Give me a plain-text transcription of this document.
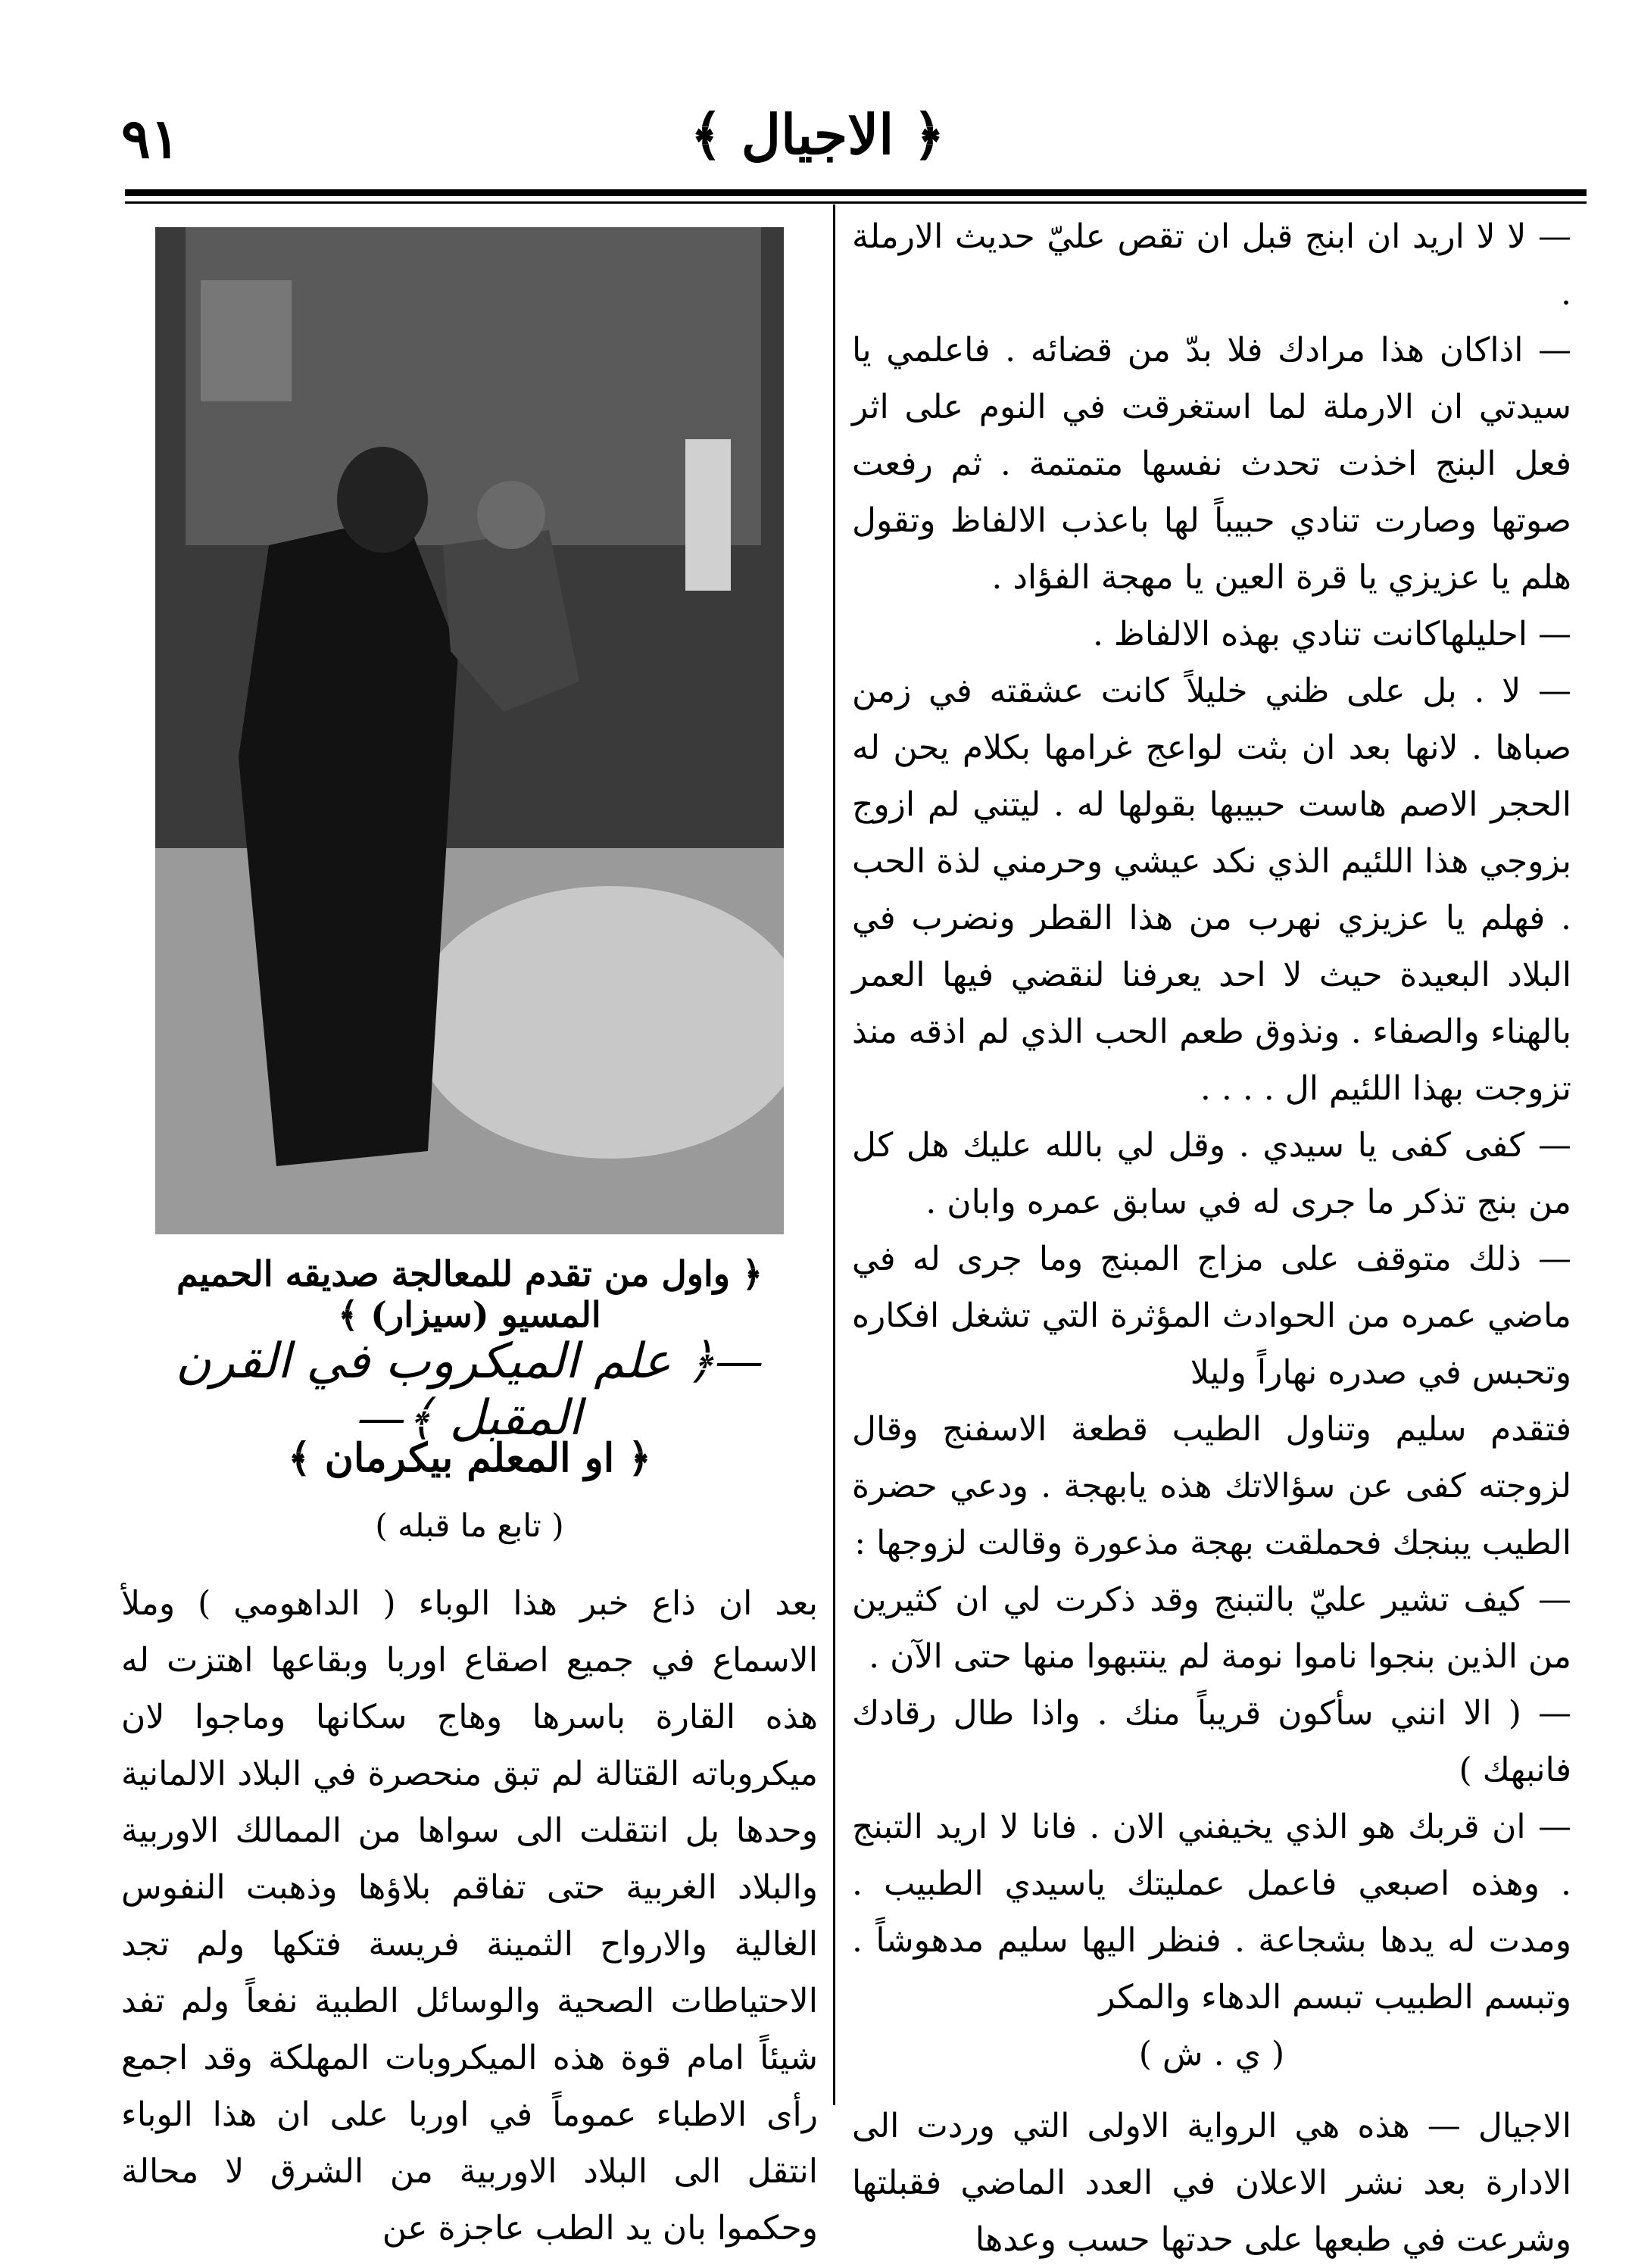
٩١	﴿ الاجيال ﴾

— لا لا اريد ان ابنج قبل ان تقص عليّ حديث الارملة .

— اذاكان هذا مرادك فلا بدّ من قضائه . فاعلمي يا سيدتي ان الارملة لما استغرقت في النوم على اثر فعل البنج اخذت تحدث نفسها متمتمة . ثم رفعت صوتها وصارت تنادي حبيباً لها باعذب الالفاظ وتقول هلم يا عزيزي يا قرة العين يا مهجة الفؤاد .

— احليلهاكانت تنادي بهذه الالفاظ .

— لا . بل على ظني خليلاً كانت عشقته في زمن صباها . لانها بعد ان بثت لواعج غرامها بكلام يحن له الحجر الاصم هاست حبيبها بقولها له . ليتني لم ازوج بزوجي هذا اللئيم الذي نكد عيشي وحرمني لذة الحب . فهلم يا عزيزي نهرب من هذا القطر ونضرب في البلاد البعيدة حيث لا احد يعرفنا لنقضي فيها العمر بالهناء والصفاء . ونذوق طعم الحب الذي لم اذقه منذ تزوجت بهذا اللئيم ال . . . .

— كفى كفى يا سيدي . وقل لي بالله عليك هل كل من بنج تذكر ما جرى له في سابق عمره وابان .

— ذلك متوقف على مزاج المبنج وما جرى له في ماضي عمره من الحوادث المؤثرة التي تشغل افكاره وتحبس في صدره نهاراً وليلا

فتقدم سليم وتناول الطيب قطعة الاسفنج وقال لزوجته كفى عن سؤالاتك هذه يابهجة . ودعي حضرة الطيب يبنجك فحملقت بهجة مذعورة وقالت لزوجها :

— كيف تشير عليّ بالتبنج وقد ذكرت لي ان كثيرين من الذين بنجوا ناموا نومة لم ينتبهوا منها حتى الآن .

— ( الا انني سأكون قريباً منك . واذا طال رقادك فانبهك )

— ان قربك هو الذي يخيفني الان . فانا لا اريد التبنج . وهذه اصبعي فاعمل عمليتك ياسيدي الطبيب . ومدت له يدها بشجاعة . فنظر اليها سليم مدهوشاً . وتبسم الطبيب تبسم الدهاء والمكر

( ي . ش )

الاجيال — هذه هي الرواية الاولى التي وردت الى الادارة بعد نشر الاعلان في العدد الماضي فقبلتها وشرعت في طبعها على حدتها حسب وعدها

﴿ واول من تقدم للمعالجة صديقه الحميم المسيو (سيزار) ﴾
—﴿ علم الميكروب في القرن المقبل ﴾—
﴿ او المعلم بيكرمان ﴾
( تابع ما قبله )

بعد ان ذاع خبر هذا الوباء ( الداهومي ) وملأ الاسماع في جميع اصقاع اوربا وبقاعها اهتزت له هذه القارة باسرها وهاج سكانها وماجوا لان ميكروباته القتالة لم تبق منحصرة في البلاد الالمانية وحدها بل انتقلت الى سواها من الممالك الاوربية والبلاد الغربية حتى تفاقم بلاؤها وذهبت النفوس الغالية والارواح الثمينة فريسة فتكها ولم تجد الاحتياطات الصحية والوسائل الطبية نفعاً ولم تفد شيئاً امام قوة هذه الميكروبات المهلكة وقد اجمع رأى الاطباء عموماً في اوربا على ان هذا الوباء انتقل الى البلاد الاوربية من الشرق لا محالة وحكموا بان يد الطب عاجزة عن
